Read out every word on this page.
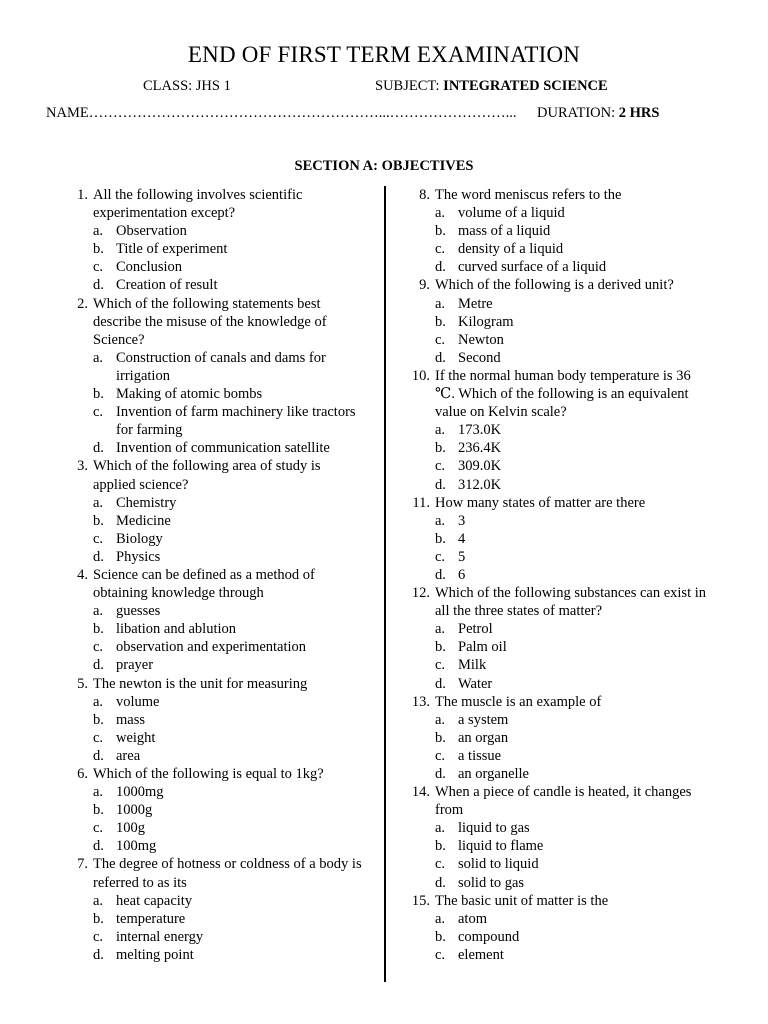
END OF FIRST TERM EXAMINATION
CLASS: JHS 1	SUBJECT: INTEGRATED SCIENCE
NAME……………………………………………………...……………………... DURATION: 2 HRS
SECTION A: OBJECTIVES
1. All the following involves scientific experimentation except?
a. Observation
b. Title of experiment
c. Conclusion
d. Creation of result
2. Which of the following statements best describe the misuse of the knowledge of Science?
a. Construction of canals and dams for irrigation
b. Making of atomic bombs
c. Invention of farm machinery like tractors for farming
d. Invention of communication satellite
3. Which of the following area of study is applied science?
a. Chemistry
b. Medicine
c. Biology
d. Physics
4. Science can be defined as a method of obtaining knowledge through
a. guesses
b. libation and ablution
c. observation and experimentation
d. prayer
5. The newton is the unit for measuring
a. volume
b. mass
c. weight
d. area
6. Which of the following is equal to 1kg?
a. 1000mg
b. 1000g
c. 100g
d. 100mg
7. The degree of hotness or coldness of a body is referred to as its
a. heat capacity
b. temperature
c. internal energy
d. melting point
8. The word meniscus refers to the
a. volume of a liquid
b. mass of a liquid
c. density of a liquid
d. curved surface of a liquid
9. Which of the following is a derived unit?
a. Metre
b. Kilogram
c. Newton
d. Second
10. If the normal human body temperature is 36 ℃. Which of the following is an equivalent value on Kelvin scale?
a. 173.0K
b. 236.4K
c. 309.0K
d. 312.0K
11. How many states of matter are there
a. 3
b. 4
c. 5
d. 6
12. Which of the following substances can exist in all the three states of matter?
a. Petrol
b. Palm oil
c. Milk
d. Water
13. The muscle is an example of
a. a system
b. an organ
c. a tissue
d. an organelle
14. When a piece of candle is heated, it changes from
a. liquid to gas
b. liquid to flame
c. solid to liquid
d. solid to gas
15. The basic unit of matter is the
a. atom
b. compound
c. element
